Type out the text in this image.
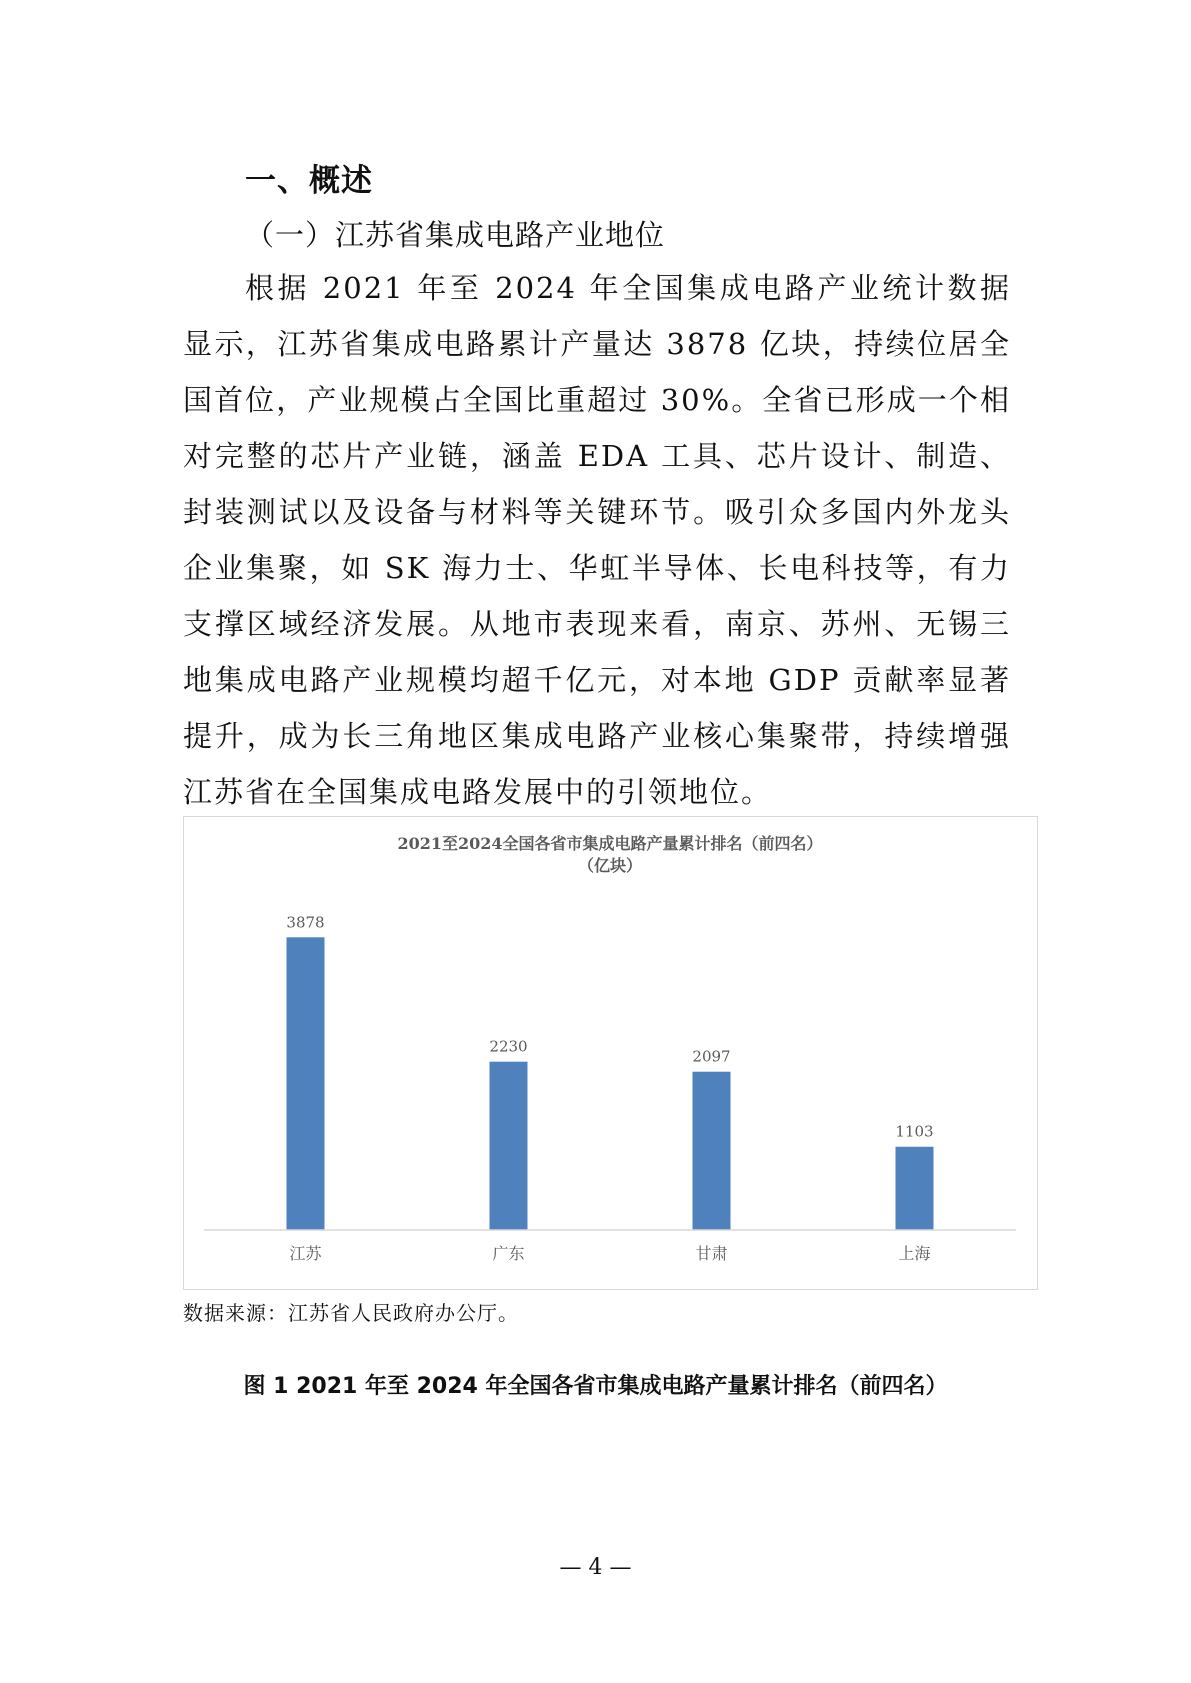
一、概述
（一）江苏省集成电路产业地位

根据 2021 年至 2024 年全国集成电路产业统计数据显示，江苏省集成电路累计产量达 3878 亿块，持续位居全国首位，产业规模占全国比重超过 30%。全省已形成一个相对完整的芯片产业链，涵盖 EDA 工具、芯片设计、制造、封装测试以及设备与材料等关键环节。吸引众多国内外龙头企业集聚，如 SK 海力士、华虹半导体、长电科技等，有力支撑区域经济发展。从地市表现来看，南京、苏州、无锡三地集成电路产业规模均超千亿元，对本地 GDP 贡献率显著提升，成为长三角地区集成电路产业核心集聚带，持续增强江苏省在全国集成电路发展中的引领地位。

2021至2024全国各省市集成电路产量累计排名（前四名）
（亿块）
3878
江苏
2230
广东
2097
甘肃
1103
上海
数据来源：江苏省人民政府办公厅。
图 1 2021 年至 2024 年全国各省市集成电路产量累计排名（前四名）
— 4 —
